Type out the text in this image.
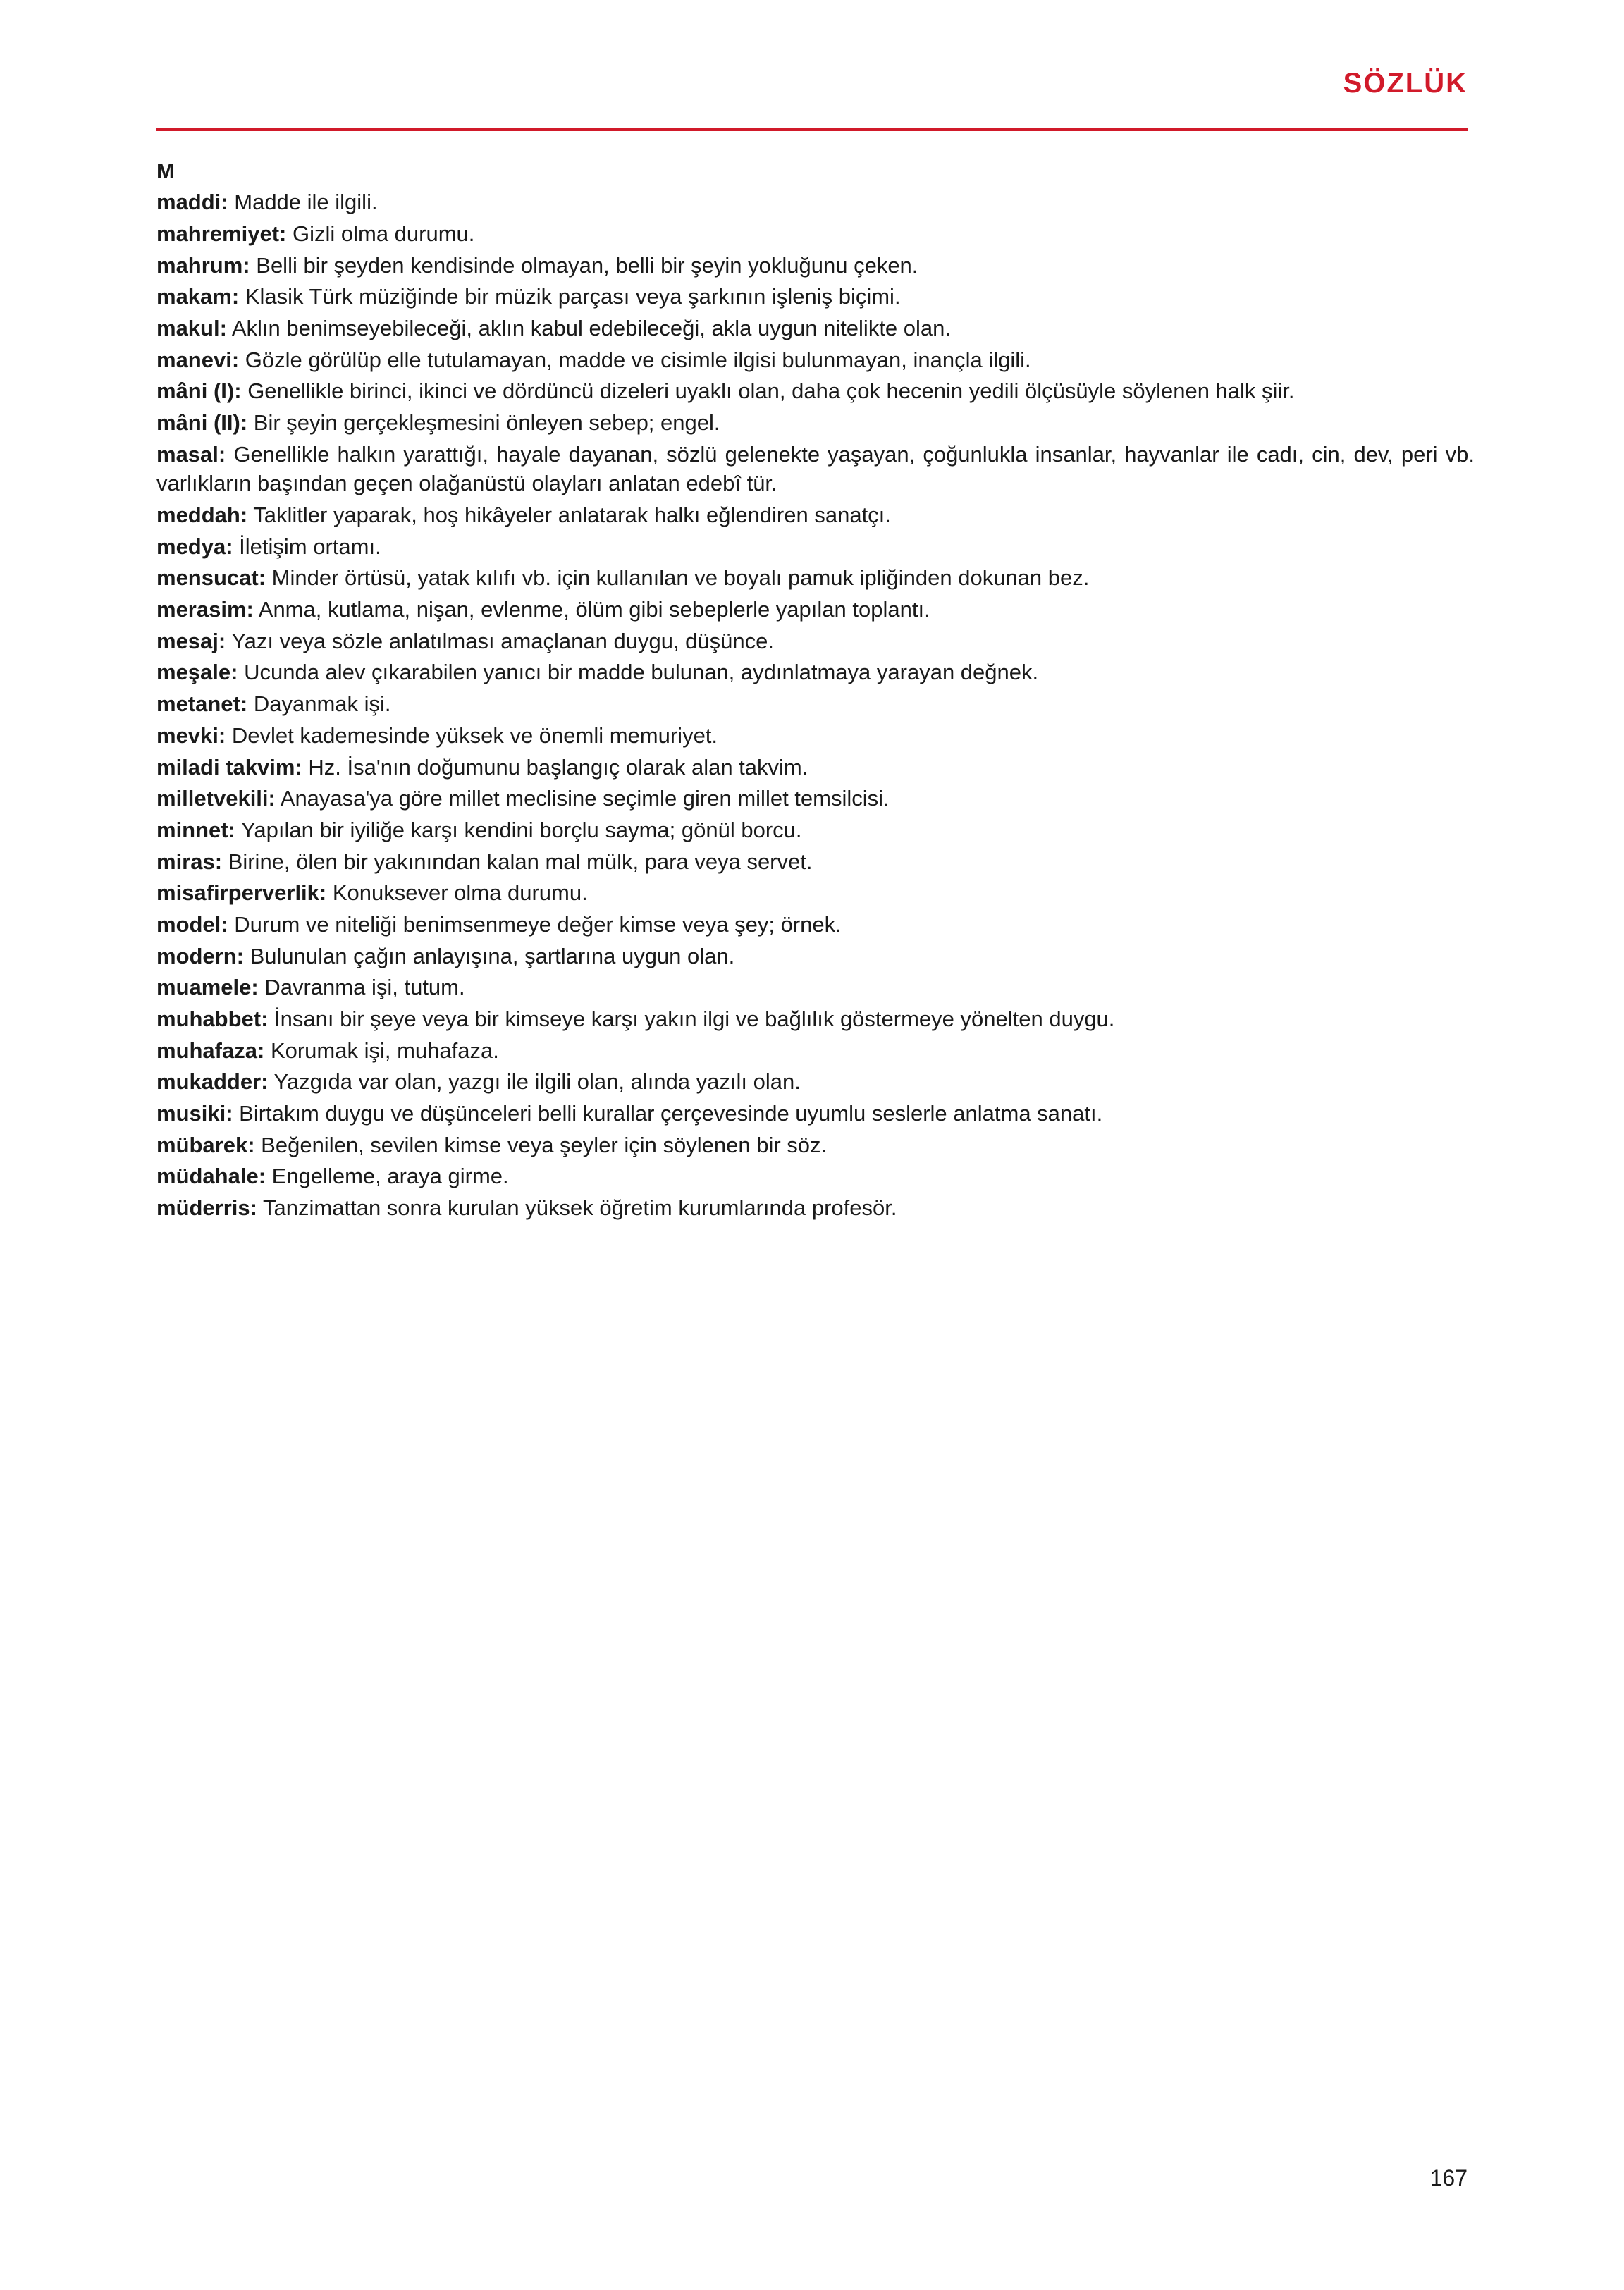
SÖZLÜK
M

maddi: Madde ile ilgili.

mahremiyet: Gizli olma durumu.

mahrum: Belli bir şeyden kendisinde olmayan, belli bir şeyin yokluğunu çeken.

makam: Klasik Türk müziğinde bir müzik parçası veya şarkının işleniş biçimi.

makul: Aklın benimseyebileceği, aklın kabul edebileceği, akla uygun nitelikte olan.

manevi: Gözle görülüp elle tutulamayan, madde ve cisimle ilgisi bulunmayan, inançla ilgili.

mâni (I): Genellikle birinci, ikinci ve dördüncü dizeleri uyaklı olan, daha çok hecenin yedili ölçüsüyle söylenen halk şiir.

mâni (II): Bir şeyin gerçekleşmesini önleyen sebep; engel.

masal: Genellikle halkın yarattığı, hayale dayanan, sözlü gelenekte yaşayan, çoğunlukla insanlar, hayvanlar ile cadı, cin, dev, peri vb. varlıkların başından geçen olağanüstü olayları anlatan edebî tür.

meddah: Taklitler yaparak, hoş hikâyeler anlatarak halkı eğlendiren sanatçı.

medya: İletişim ortamı.

mensucat: Minder örtüsü, yatak kılıfı vb. için kullanılan ve boyalı pamuk ipliğinden dokunan bez.

merasim: Anma, kutlama, nişan, evlenme, ölüm gibi sebeplerle yapılan toplantı.

mesaj: Yazı veya sözle anlatılması amaçlanan duygu, düşünce.

meşale: Ucunda alev çıkarabilen yanıcı bir madde bulunan, aydınlatmaya yarayan değnek.

metanet: Dayanmak işi.

mevki: Devlet kademesinde yüksek ve önemli memuriyet.

miladi takvim: Hz. İsa'nın doğumunu başlangıç olarak alan takvim.

milletvekili: Anayasa'ya göre millet meclisine seçimle giren millet temsilcisi.

minnet: Yapılan bir iyiliğe karşı kendini borçlu sayma; gönül borcu.

miras: Birine, ölen bir yakınından kalan mal mülk, para veya servet.

misafirperverlik: Konuksever olma durumu.

model: Durum ve niteliği benimsenmeye değer kimse veya şey; örnek.

modern: Bulunulan çağın anlayışına, şartlarına uygun olan.

muamele: Davranma işi, tutum.

muhabbet: İnsanı bir şeye veya bir kimseye karşı yakın ilgi ve bağlılık göstermeye yönelten duygu.

muhafaza: Korumak işi, muhafaza.

mukadder: Yazgıda var olan, yazgı ile ilgili olan, alında yazılı olan.

musiki: Birtakım duygu ve düşünceleri belli kurallar çerçevesinde uyumlu seslerle anlatma sanatı.

mübarek: Beğenilen, sevilen kimse veya şeyler için söylenen bir söz.

müdahale: Engelleme, araya girme.

müderris: Tanzimattan sonra kurulan yüksek öğretim kurumlarında profesör.

167
